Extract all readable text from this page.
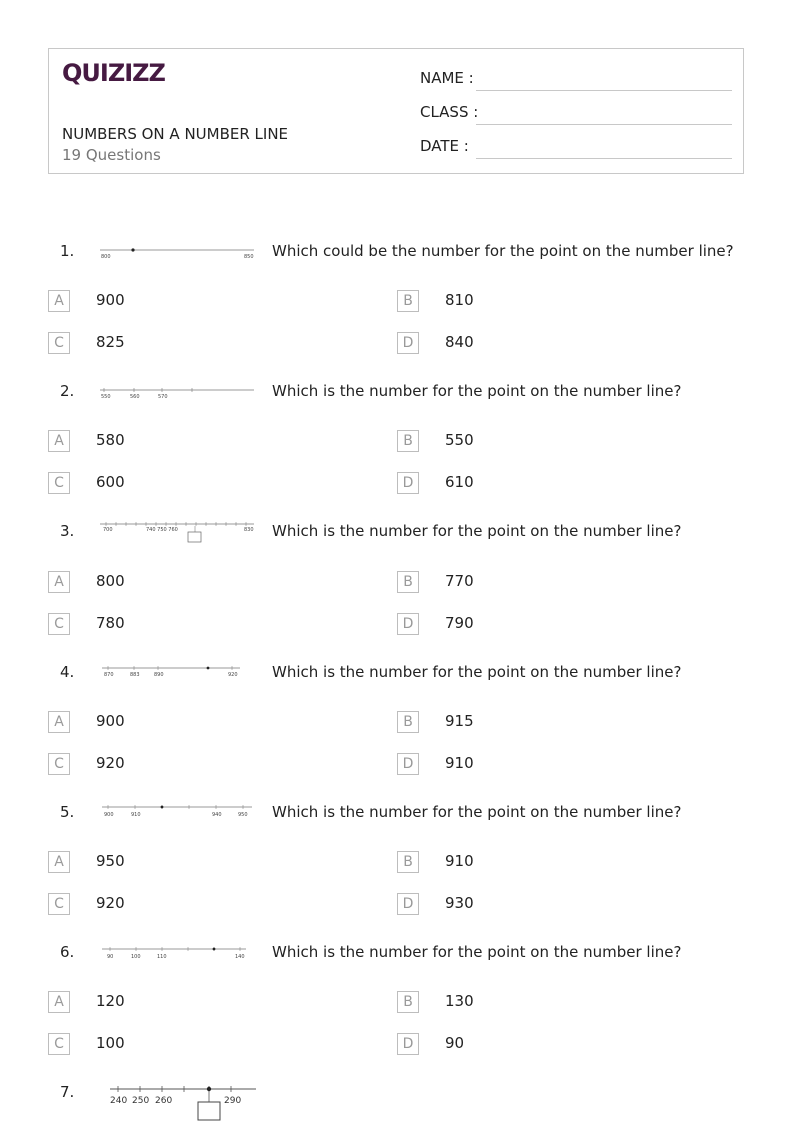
QUIZIZZ
NUMBERS ON A NUMBER LINE
19 Questions
NAME :
CLASS :
DATE :
1.	800	850 Which could be the number for the point on the number line?
A	900	B	810
C	825	D	840
2.	550	560	570	Which is the number for the point on the number line?
A	580	B	550
C	600	D	610
3.	700	740 750 760	830 Which is the number for the point on the number line?
A	800	B	770
C	780	D	790
4.	870	883	890	920 Which is the number for the point on the number line?
A	900	B	915
C	920	D	910
5.	900	910	940	950 Which is the number for the point on the number line?
A	950	B	910
C	920	D	930
6.	90	100	110	140 Which is the number for the point on the number line?
A	120	B	130
C	100	D	90
7.	240 250 260	290
